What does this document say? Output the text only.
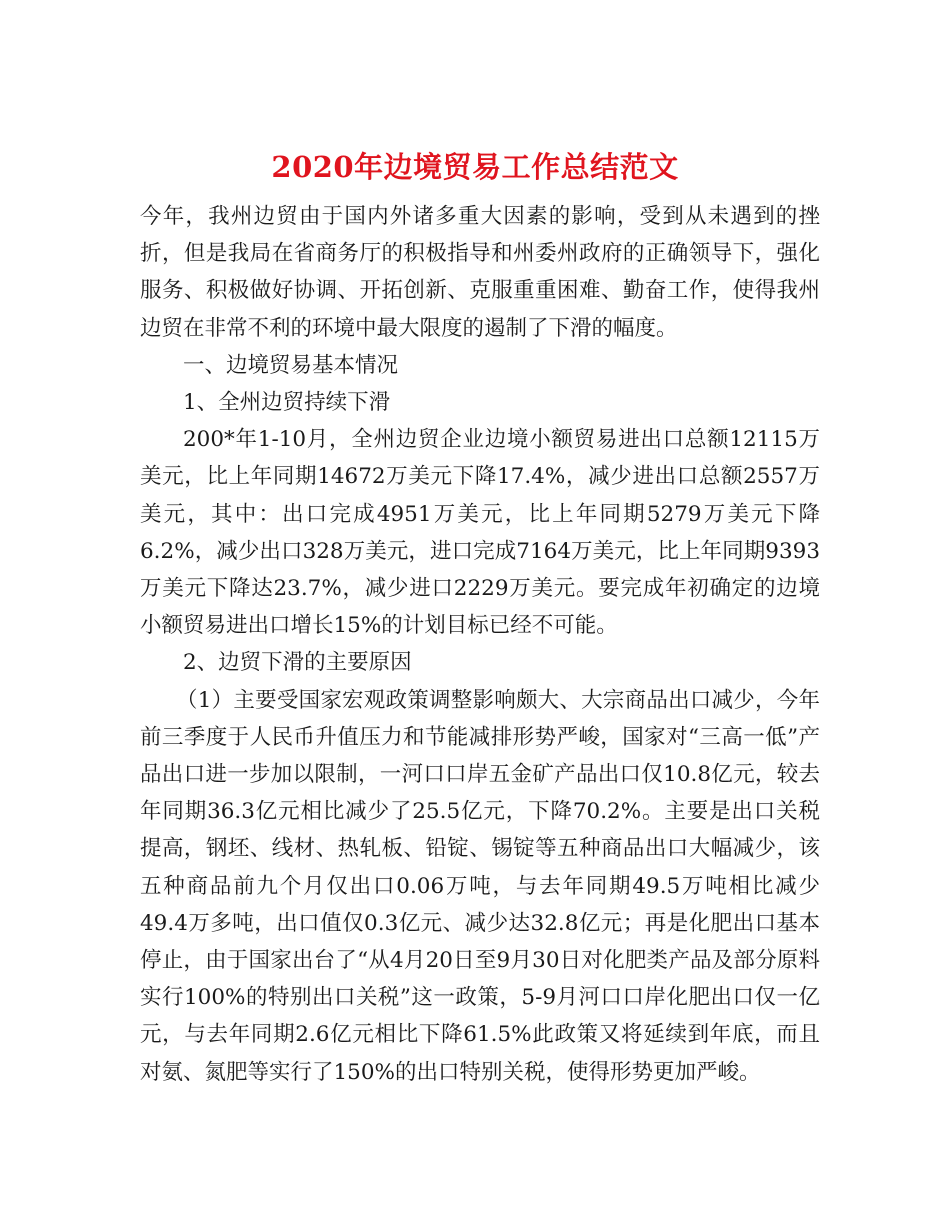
2020年边境贸易工作总结范文

今年，我州边贸由于国内外诸多重大因素的影响，受到从未遇到的挫折，但是我局在省商务厅的积极指导和州委州政府的正确领导下，强化服务、积极做好协调、开拓创新、克服重重困难、勤奋工作，使得我州边贸在非常不利的环境中最大限度的遏制了下滑的幅度。

一、边境贸易基本情况

1、全州边贸持续下滑

200*年1-10月，全州边贸企业边境小额贸易进出口总额12115万美元，比上年同期14672万美元下降17.4%，减少进出口总额2557万美元，其中：出口完成4951万美元，比上年同期5279万美元下降6.2%，减少出口328万美元，进口完成7164万美元，比上年同期9393万美元下降达23.7%，减少进口2229万美元。要完成年初确定的边境小额贸易进出口增长15%的计划目标已经不可能。

2、边贸下滑的主要原因

（1）主要受国家宏观政策调整影响颇大、大宗商品出口减少，今年前三季度于人民币升值压力和节能减排形势严峻，国家对“三高一低”产品出口进一步加以限制，一河口口岸五金矿产品出口仅10.8亿元，较去年同期36.3亿元相比减少了25.5亿元，下降70.2%。主要是出口关税提高，钢坯、线材、热轧板、铅锭、锡锭等五种商品出口大幅减少，该五种商品前九个月仅出口0.06万吨，与去年同期49.5万吨相比减少49.4万多吨，出口值仅0.3亿元、减少达32.8亿元；再是化肥出口基本停止，由于国家出台了“从4月20日至9月30日对化肥类产品及部分原料实行100%的特别出口关税”这一政策，5-9月河口口岸化肥出口仅一亿元，与去年同期2.6亿元相比下降61.5%此政策又将延续到年底，而且对氨、氮肥等实行了150%的出口特别关税，使得形势更加严峻。
